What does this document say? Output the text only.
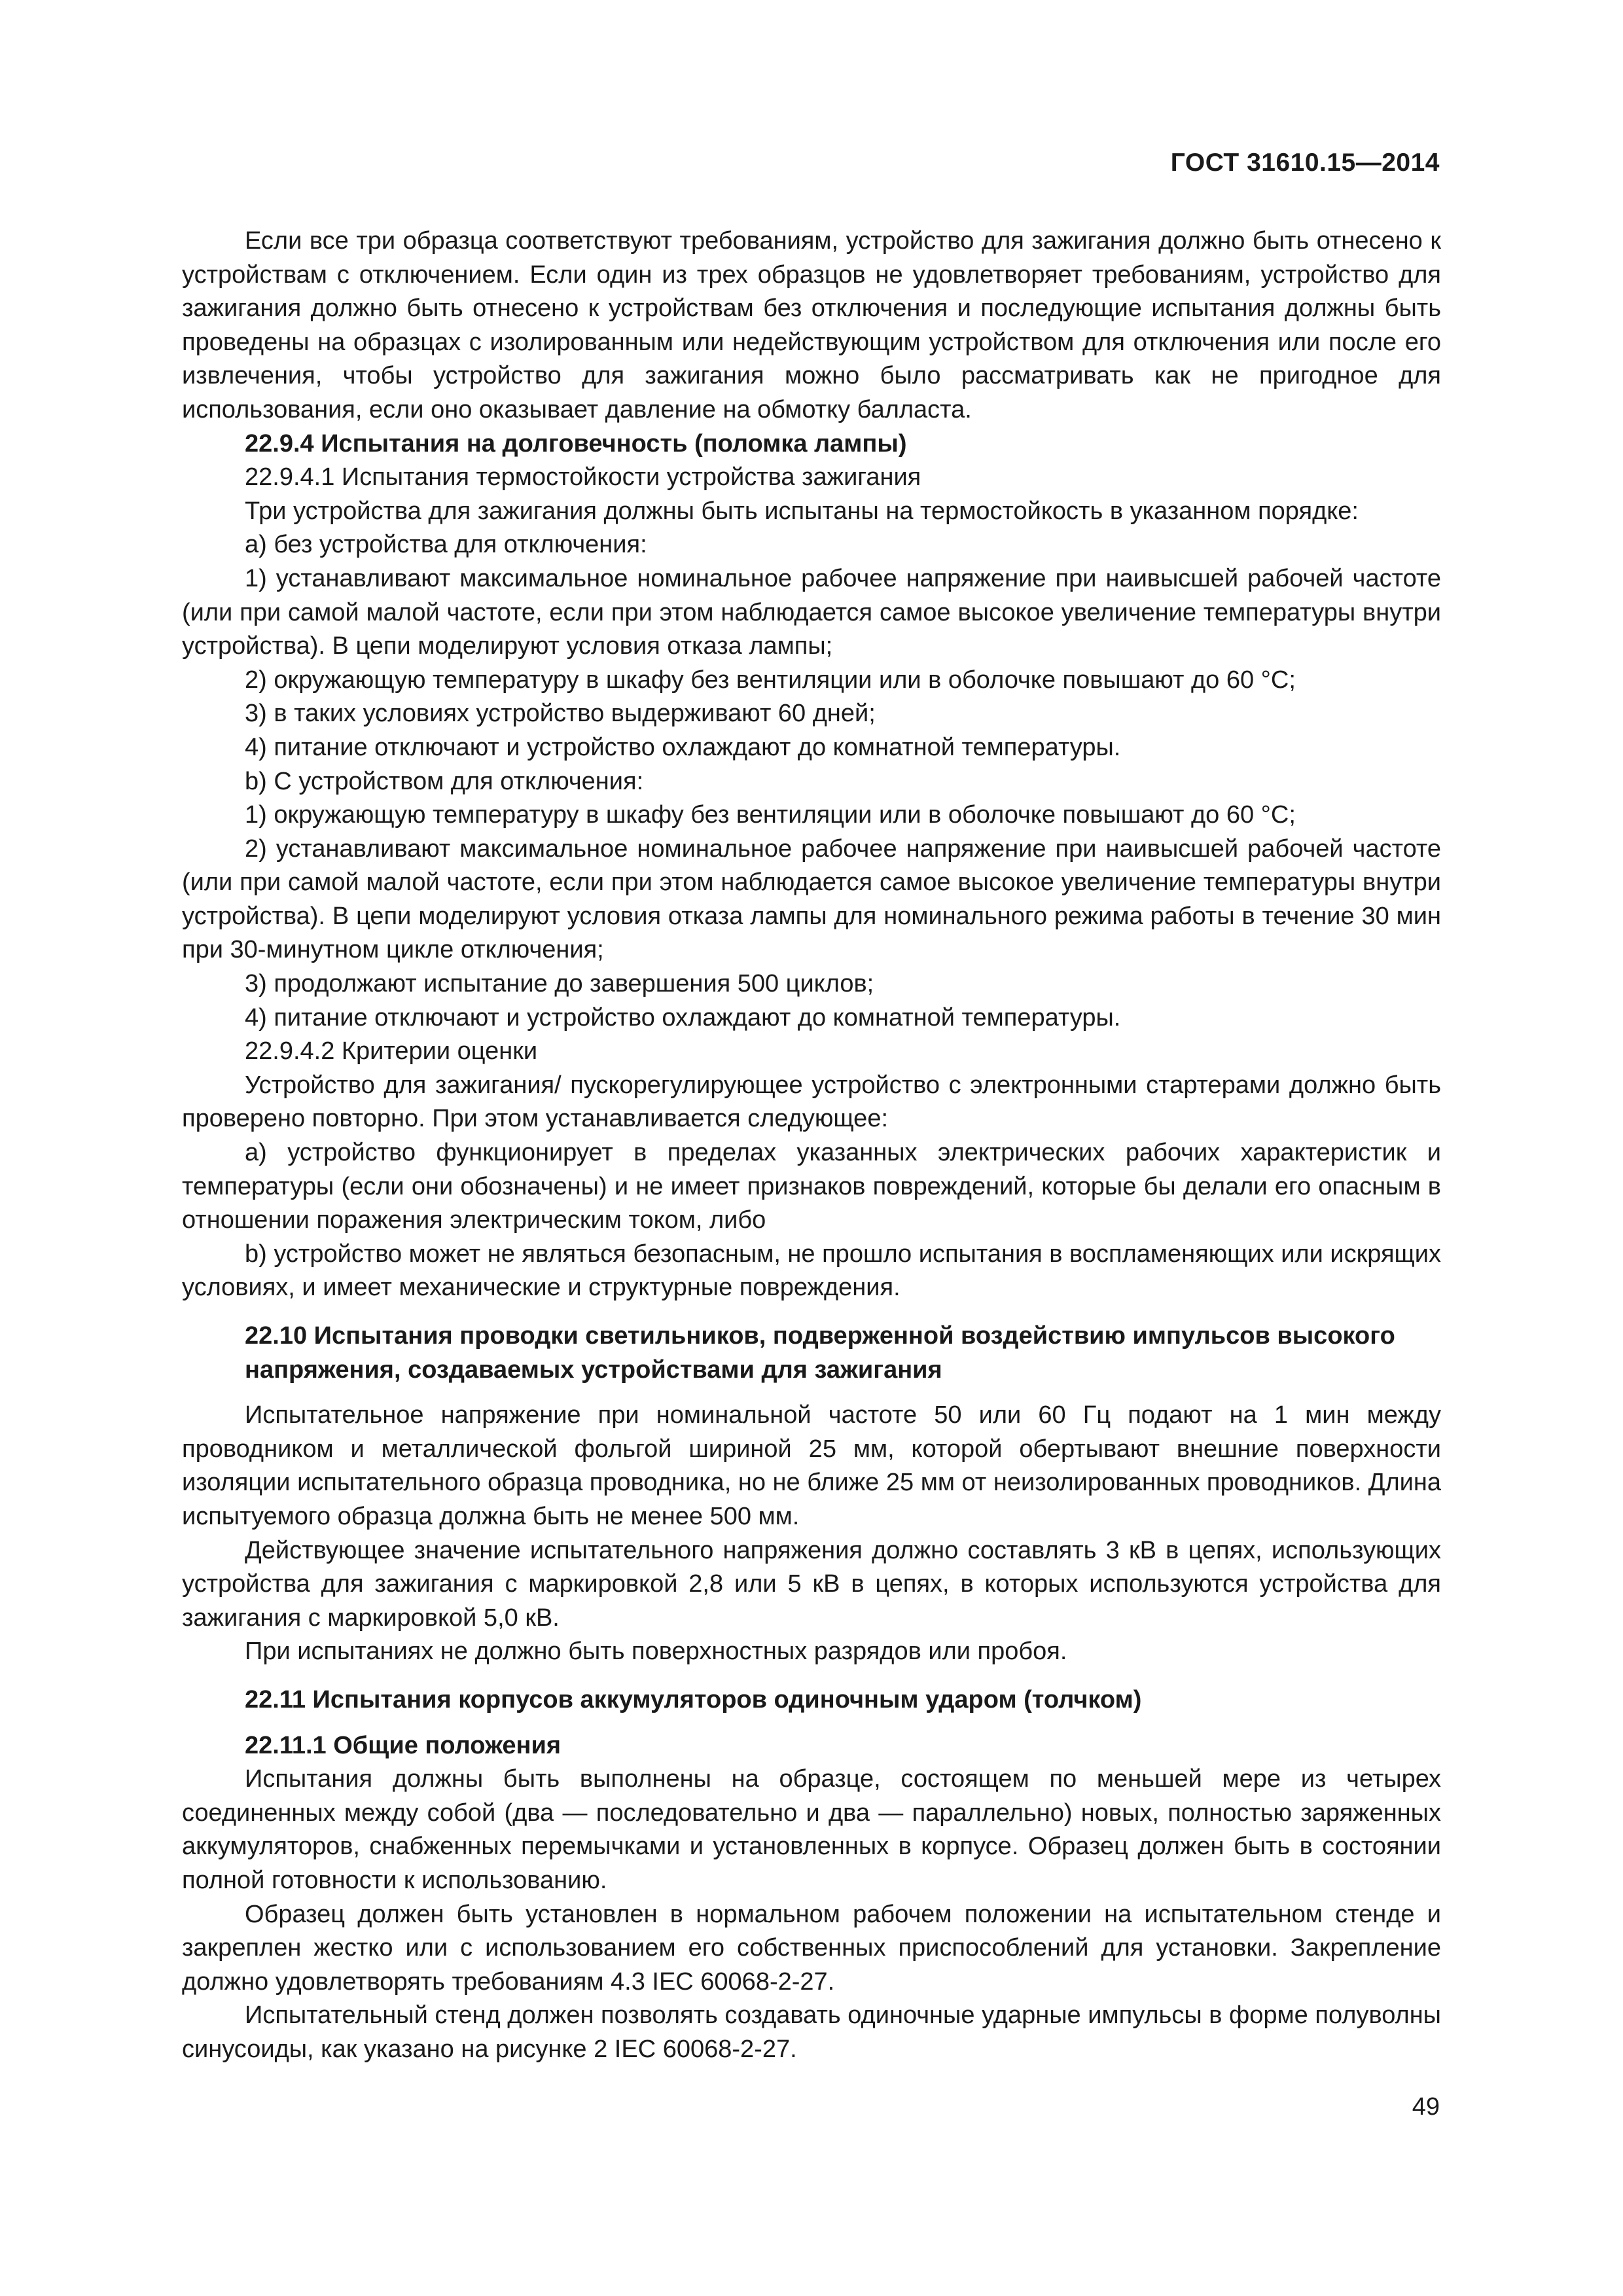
ГОСТ 31610.15—2014

Если все три образца соответствуют требованиям, устройство для зажигания должно быть отнесено к устройствам с отключением. Если один из трех образцов не удовлетворяет требованиям, устройство для зажигания должно быть отнесено к устройствам без отключения и последующие испытания должны быть проведены на образцах с изолированным или недействующим устройством для отключения или после его извлечения, чтобы устройство для зажигания можно было рассматривать как не пригодное для использования, если оно оказывает давление на обмотку балласта.

22.9.4 Испытания на долговечность (поломка лампы)

22.9.4.1 Испытания термостойкости устройства зажигания

Три устройства для зажигания должны быть испытаны на термостойкость в указанном порядке:

а) без устройства для отключения:

1) устанавливают максимальное номинальное рабочее напряжение при наивысшей рабочей частоте (или при самой малой частоте, если при этом наблюдается самое высокое увеличение температуры внутри устройства). В цепи моделируют условия отказа лампы;

2) окружающую температуру в шкафу без вентиляции или в оболочке повышают до 60 °С;

3) в таких условиях устройство выдерживают 60 дней;

4) питание отключают и устройство охлаждают до комнатной температуры.

b) С устройством для отключения:

1) окружающую температуру в шкафу без вентиляции или в оболочке повышают до 60 °С;

2) устанавливают максимальное номинальное рабочее напряжение при наивысшей рабочей частоте (или при самой малой частоте, если при этом наблюдается самое высокое увеличение температуры внутри устройства). В цепи моделируют условия отказа лампы для номинального режима работы в течение 30 мин при 30-минутном цикле отключения;

3) продолжают испытание до завершения 500 циклов;

4) питание отключают и устройство охлаждают до комнатной температуры.

22.9.4.2 Критерии оценки

Устройство для зажигания/ пускорегулирующее устройство с электронными стартерами должно быть проверено повторно. При этом устанавливается следующее:

а) устройство функционирует в пределах указанных электрических рабочих характеристик и температуры (если они обозначены) и не имеет признаков повреждений, которые бы делали его опасным в отношении поражения электрическим током, либо

b) устройство может не являться безопасным, не прошло испытания в воспламеняющих или искрящих условиях, и имеет механические и структурные повреждения.

22.10 Испытания проводки светильников, подверженной воздействию импульсов высокого напряжения, создаваемых устройствами для зажигания

Испытательное напряжение при номинальной частоте 50 или 60 Гц подают на 1 мин между проводником и металлической фольгой шириной 25 мм, которой обертывают внешние поверхности изоляции испытательного образца проводника, но не ближе 25 мм от неизолированных проводников. Длина испытуемого образца должна быть не менее 500 мм.

Действующее значение испытательного напряжения должно составлять 3 кВ в цепях, использующих устройства для зажигания с маркировкой 2,8 или 5 кВ в цепях, в которых используются устройства для зажигания с маркировкой 5,0 кВ.

При испытаниях не должно быть поверхностных разрядов или пробоя.

22.11 Испытания корпусов аккумуляторов одиночным ударом (толчком)

22.11.1 Общие положения

Испытания должны быть выполнены на образце, состоящем по меньшей мере из четырех соединенных между собой (два — последовательно и два — параллельно) новых, полностью заряженных аккумуляторов, снабженных перемычками и установленных в корпусе. Образец должен быть в состоянии полной готовности к использованию.

Образец должен быть установлен в нормальном рабочем положении на испытательном стенде и закреплен жестко или с использованием его собственных приспособлений для установки. Закрепление должно удовлетворять требованиям 4.3 IEC 60068-2-27.

Испытательный стенд должен позволять создавать одиночные ударные импульсы в форме полуволны синусоиды, как указано на рисунке 2 IEC 60068-2-27.

49
